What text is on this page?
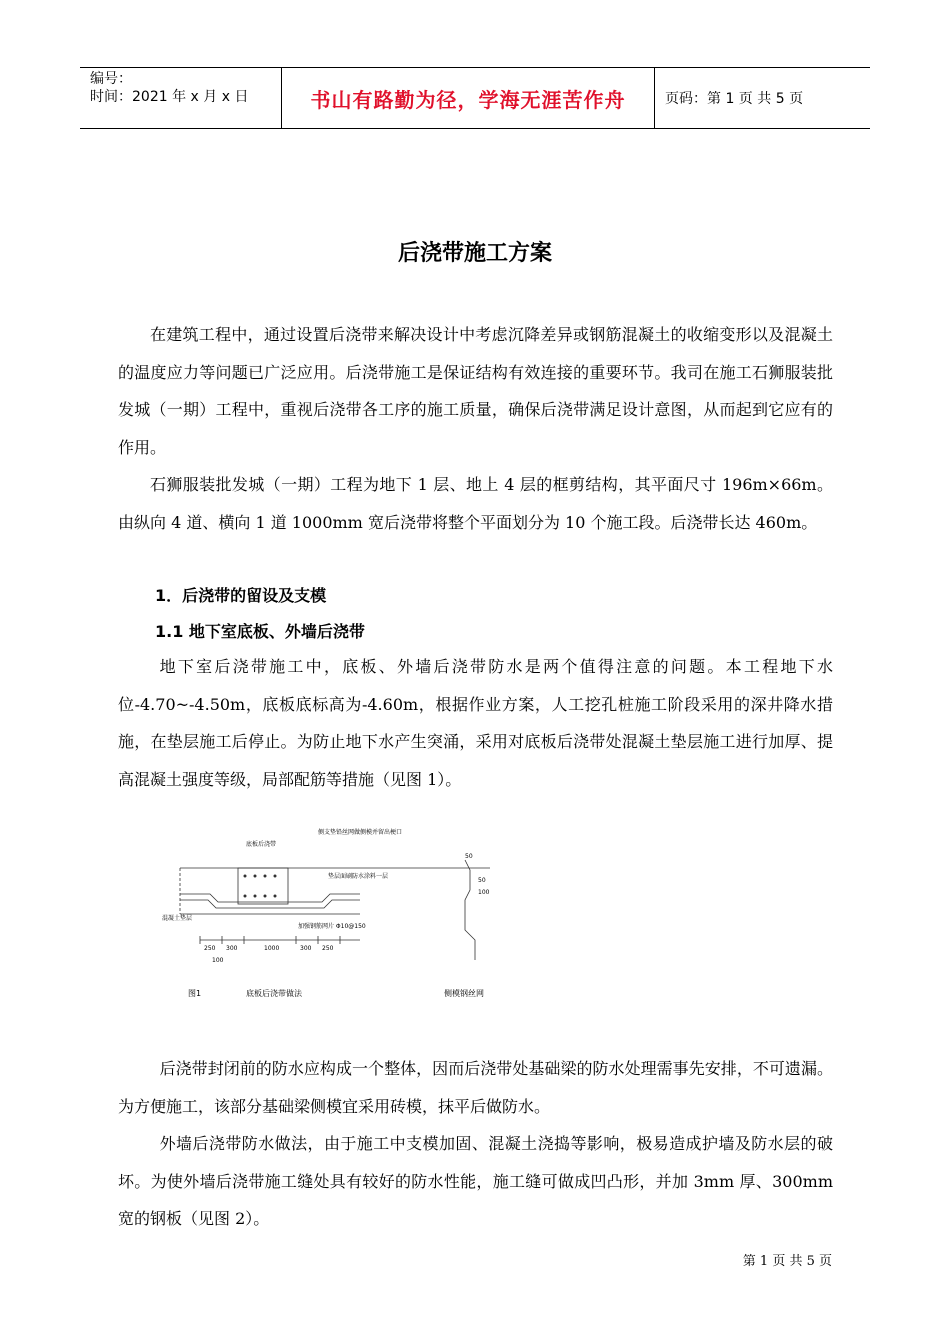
编号：
时间：2021 年 x 月 x 日	书山有路勤为径，学海无涯苦作舟	页码：第 1 页 共 5 页
后浇带施工方案

在建筑工程中，通过设置后浇带来解决设计中考虑沉降差异或钢筋混凝土的收缩变形以及混凝土的温度应力等问题已广泛应用。后浇带施工是保证结构有效连接的重要环节。我司在施工石狮服装批发城（一期）工程中，重视后浇带各工序的施工质量，确保后浇带满足设计意图，从而起到它应有的作用。

石狮服装批发城（一期）工程为地下 1 层、地上 4 层的框剪结构，其平面尺寸 196m×66m。由纵向 4 道、横向 1 道 1000mm 宽后浇带将整个平面划分为 10 个施工段。后浇带长达 460m。

1．后浇带的留设及支模
1.1 地下室底板、外墙后浇带

地下室后浇带施工中，底板、外墙后浇带防水是两个值得注意的问题。本工程地下水位-4.70~-4.50m，底板底标高为-4.60m，根据作业方案，人工挖孔桩施工阶段采用的深井降水措施，在垫层施工后停止。为防止地下水产生突涌，采用对底板后浇带处混凝土垫层施工进行加厚、提高混凝土强度等级，局部配筋等措施（见图 1）。

底板后浇带
侧支垫铅丝网做侧模并留出梗口
垫层面刷防水涂料一层
混凝土垫层
加强钢筋网片 Φ10@150
250 300	1000	300 250
100
50
50
100
图1	底板后浇带做法	侧模钢丝网

后浇带封闭前的防水应构成一个整体，因而后浇带处基础梁的防水处理需事先安排，不可遗漏。为方便施工，该部分基础梁侧模宜采用砖模，抹平后做防水。

外墙后浇带防水做法，由于施工中支模加固、混凝土浇捣等影响，极易造成护墙及防水层的破坏。为使外墙后浇带施工缝处具有较好的防水性能，施工缝可做成凹凸形，并加 3mm 厚、300mm 宽的钢板（见图 2）。

第 1 页 共 5 页
